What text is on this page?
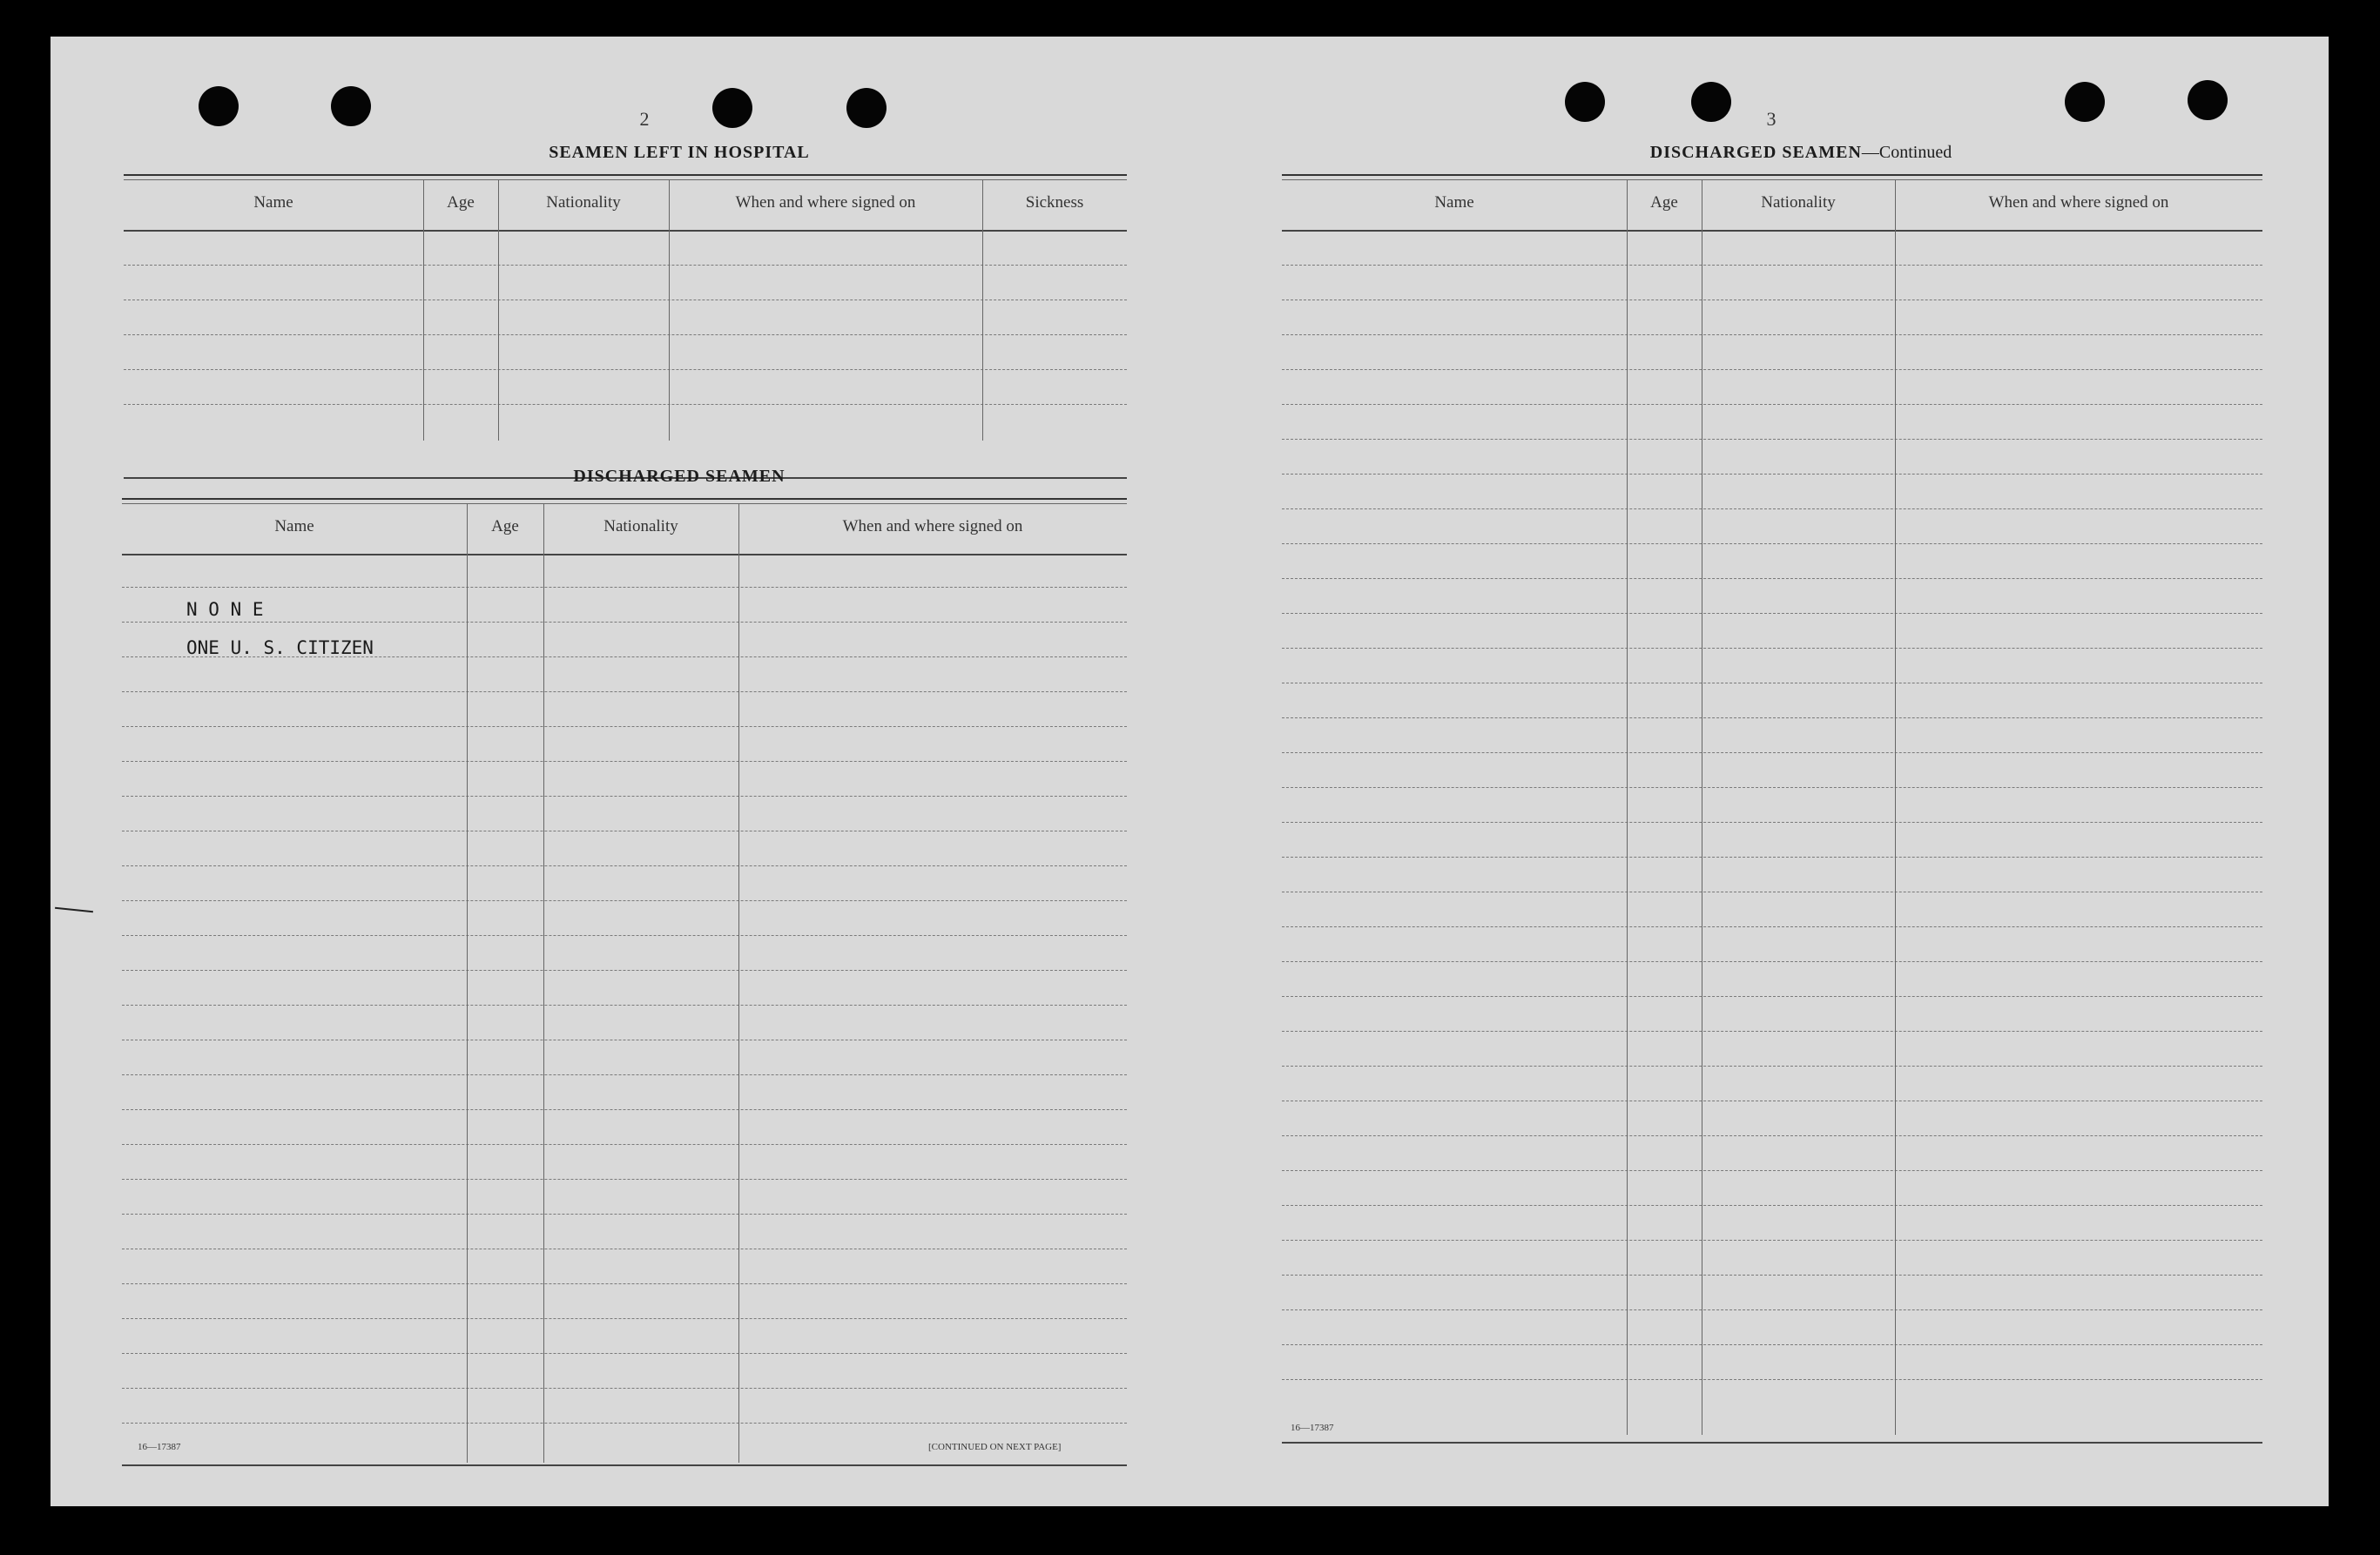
2
SEAMEN LEFT IN HOSPITAL
Name	Age	Nationality	When and where signed on	Sickness
DISCHARGED SEAMEN
Name	Age	Nationality	When and where signed on
N O N E
ONE U. S. CITIZEN
16—17387	[CONTINUED ON NEXT PAGE]
3
DISCHARGED SEAMEN—Continued
Name	Age	Nationality	When and where signed on
16—17387
